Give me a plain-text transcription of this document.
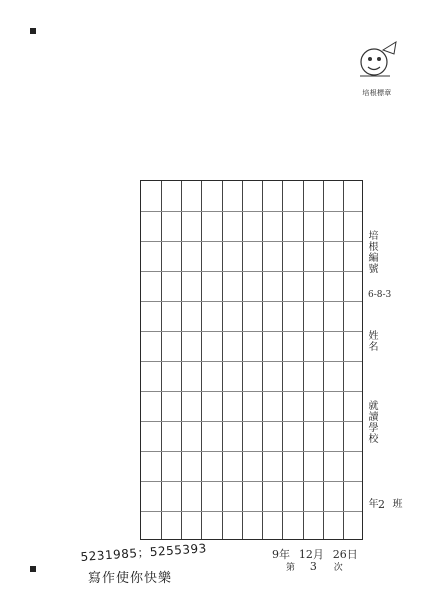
培根標章
培根編號
6-8-3
姓名
就讀學校
年 2 班
9年 12月 26日
第 3 次
5231985；5255393
寫作使你快樂
